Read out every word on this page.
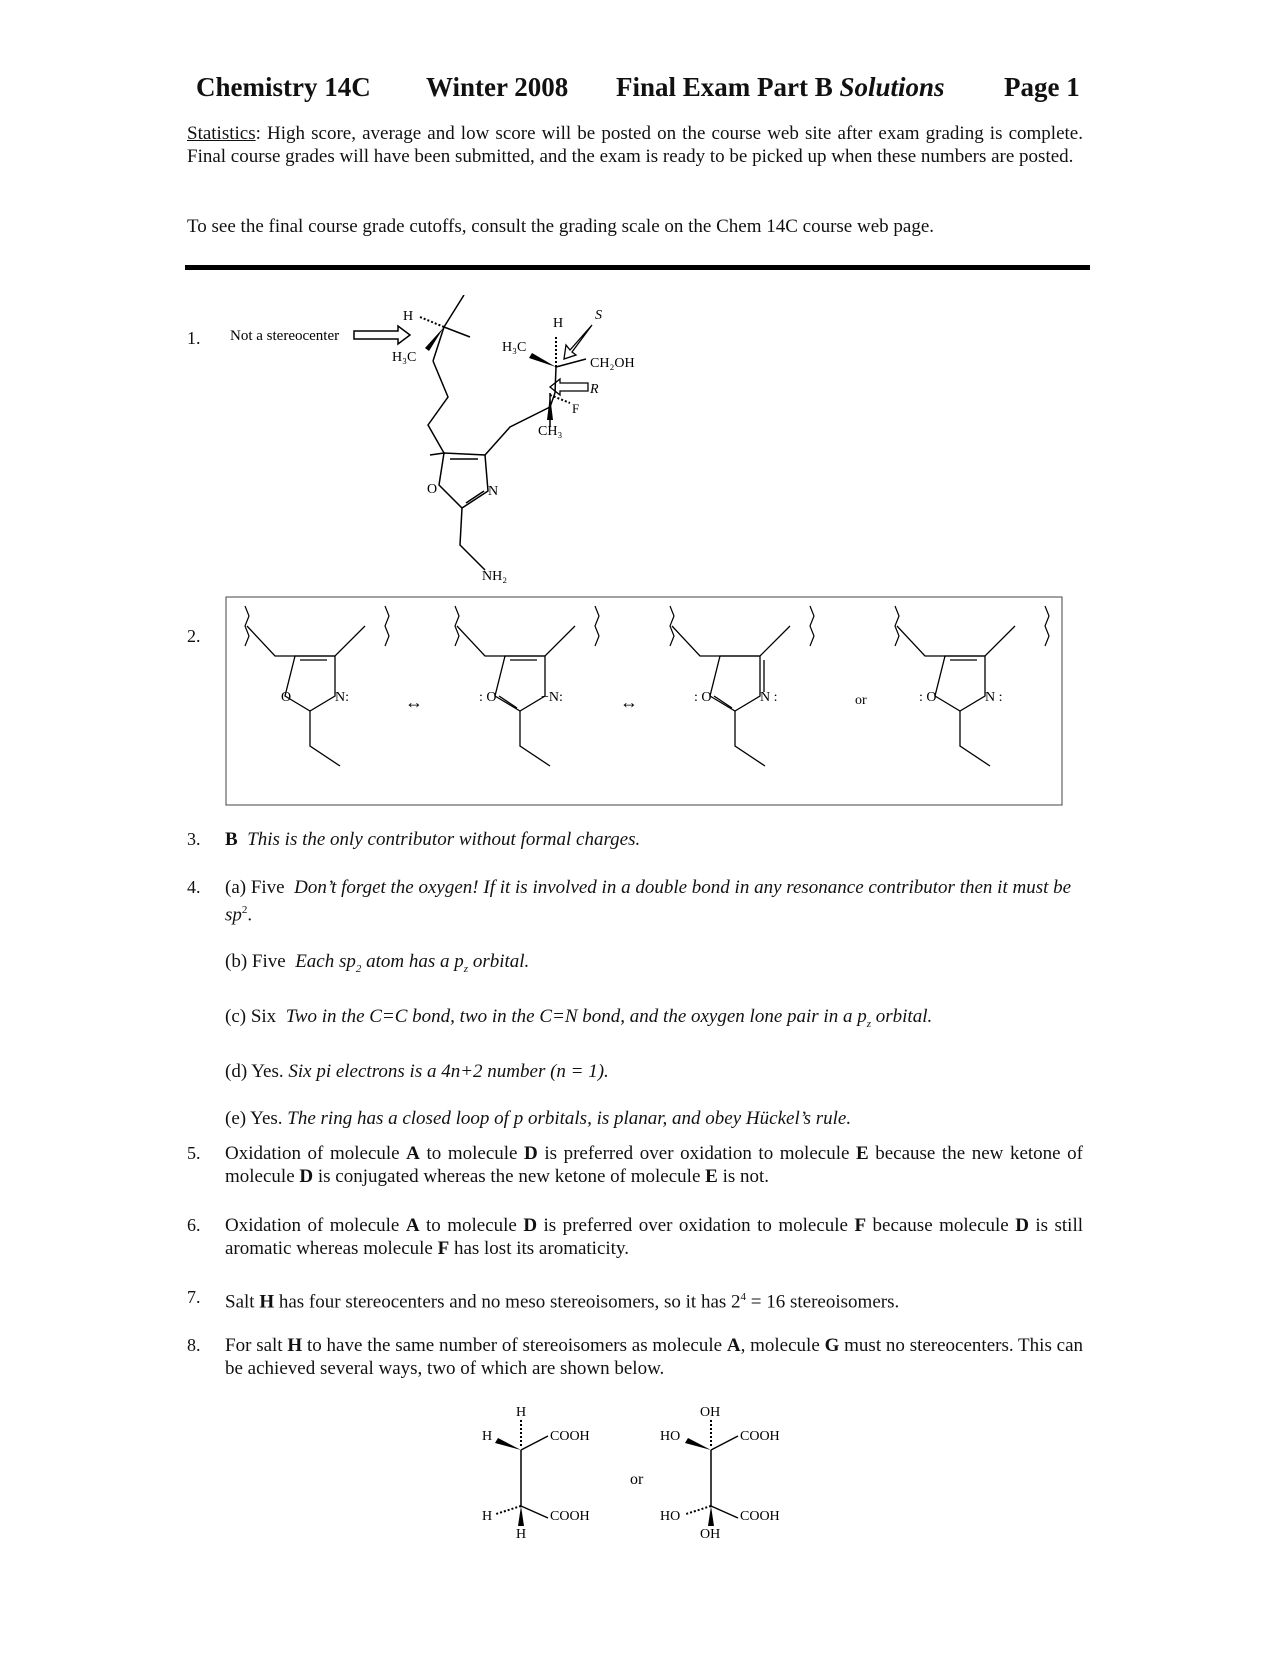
Chemistry 14C Winter 2008 Final Exam Part B Solutions Page 1
Statistics: High score, average and low score will be posted on the course web site after exam grading is complete. Final course grades will have been submitted, and the exam is ready to be picked up when these numbers are posted.
To see the final course grade cutoffs, consult the grading scale on the Chem 14C course web page.
1. Not a stereocenter
H
H₃C
O	N
NH₂
H₃C
H
CH₂OH
S
R
F
CH₃
2.
O	N:	↔	: O	−N:	↔	: O	N :	or	: O	N :
3. B This is the only contributor without formal charges.
4. (a) Five Don’t forget the oxygen! If it is involved in a double bond in any resonance contributor then it must be $sp^2$.
(b) Five Each $sp_2$ atom has a $p_z$ orbital.
(c) Six Two in the C=C bond, two in the C=N bond, and the oxygen lone pair in a $p_z$ orbital.
(d) Yes. Six pi electrons is a 4n+2 number (n = 1).
(e) Yes. The ring has a closed loop of p orbitals, is planar, and obey Hückel’s rule.
5. Oxidation of molecule A to molecule D is preferred over oxidation to molecule E because the new ketone of molecule D is conjugated whereas the new ketone of molecule E is not.
6. Oxidation of molecule A to molecule D is preferred over oxidation to molecule F because molecule D is still aromatic whereas molecule F has lost its aromaticity.
7. Salt H has four stereocenters and no meso stereoisomers, so it has $2^4 = 16$ stereoisomers.
8. For salt H to have the same number of stereoisomers as molecule A, molecule G must no stereocenters. This can be achieved several ways, two of which are shown below.
H
H	COOH
H	COOH
H
or
OH
HO	COOH
HO	COOH
OH
